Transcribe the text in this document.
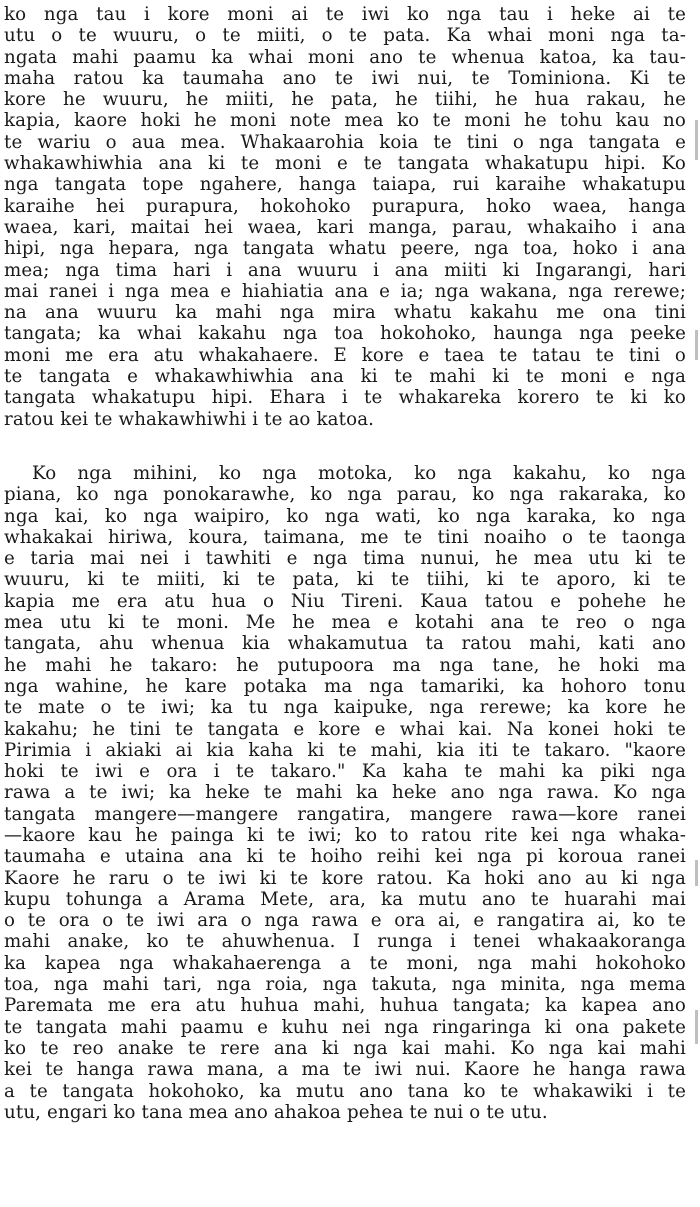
ko nga tau i kore moni ai te iwi ko nga tau i heke ai te
utu o te wuuru, o te miiti, o te pata. Ka whai moni nga ta-
ngata mahi paamu ka whai moni ano te whenua katoa, ka tau-
maha ratou ka taumaha ano te iwi nui, te Tominiona. Ki te
kore he wuuru, he miiti, he pata, he tiihi, he hua rakau, he
kapia, kaore hoki he moni note mea ko te moni he tohu kau no
te wariu o aua mea. Whakaarohia koia te tini o nga tangata e
whakawhiwhia ana ki te moni e te tangata whakatupu hipi. Ko
nga tangata tope ngahere, hanga taiapa, rui karaihe whakatupu
karaihe hei purapura, hokohoko purapura, hoko waea, hanga
waea, kari, maitai hei waea, kari manga, parau, whakaiho i ana
hipi, nga hepara, nga tangata whatu peere, nga toa, hoko i ana
mea; nga tima hari i ana wuuru i ana miiti ki Ingarangi, hari
mai ranei i nga mea e hiahiatia ana e ia; nga wakana, nga rerewe;
na ana wuuru ka mahi nga mira whatu kakahu me ona tini
tangata; ka whai kakahu nga toa hokohoko, haunga nga peeke
moni me era atu whakahaere. E kore e taea te tatau te tini o
te tangata e whakawhiwhia ana ki te mahi ki te moni e nga
tangata whakatupu hipi. Ehara i te whakareka korero te ki ko
ratou kei te whakawhiwhi i te ao katoa.
Ko nga mihini, ko nga motoka, ko nga kakahu, ko nga
piana, ko nga ponokarawhe, ko nga parau, ko nga rakaraka, ko
nga kai, ko nga waipiro, ko nga wati, ko nga karaka, ko nga
whakakai hiriwa, koura, taimana, me te tini noaiho o te taonga
e taria mai nei i tawhiti e nga tima nunui, he mea utu ki te
wuuru, ki te miiti, ki te pata, ki te tiihi, ki te aporo, ki te
kapia me era atu hua o Niu Tireni. Kaua tatou e pohehe he
mea utu ki te moni. Me he mea e kotahi ana te reo o nga
tangata, ahu whenua kia whakamutua ta ratou mahi, kati ano
he mahi he takaro: he putupoora ma nga tane, he hoki ma
nga wahine, he kare potaka ma nga tamariki, ka hohoro tonu
te mate o te iwi; ka tu nga kaipuke, nga rerewe; ka kore he
kakahu; he tini te tangata e kore e whai kai. Na konei hoki te
Pirimia i akiaki ai kia kaha ki te mahi, kia iti te takaro. "kaore
hoki te iwi e ora i te takaro." Ka kaha te mahi ka piki nga
rawa a te iwi; ka heke te mahi ka heke ano nga rawa. Ko nga
tangata mangere—mangere rangatira, mangere rawa—kore ranei
—kaore kau he painga ki te iwi; ko to ratou rite kei nga whaka-
taumaha e utaina ana ki te hoiho reihi kei nga pi koroua ranei
Kaore he raru o te iwi ki te kore ratou. Ka hoki ano au ki nga
kupu tohunga a Arama Mete, ara, ka mutu ano te huarahi mai
o te ora o te iwi ara o nga rawa e ora ai, e rangatira ai, ko te
mahi anake, ko te ahuwhenua. I runga i tenei whakaakoranga
ka kapea nga whakahaerenga a te moni, nga mahi hokohoko
toa, nga mahi tari, nga roia, nga takuta, nga minita, nga mema
Paremata me era atu huhua mahi, huhua tangata; ka kapea ano
te tangata mahi paamu e kuhu nei nga ringaringa ki ona pakete
ko te reo anake te rere ana ki nga kai mahi. Ko nga kai mahi
kei te hanga rawa mana, a ma te iwi nui. Kaore he hanga rawa
a te tangata hokohoko, ka mutu ano tana ko te whakawiki i te
utu, engari ko tana mea ano ahakoa pehea te nui o te utu.
